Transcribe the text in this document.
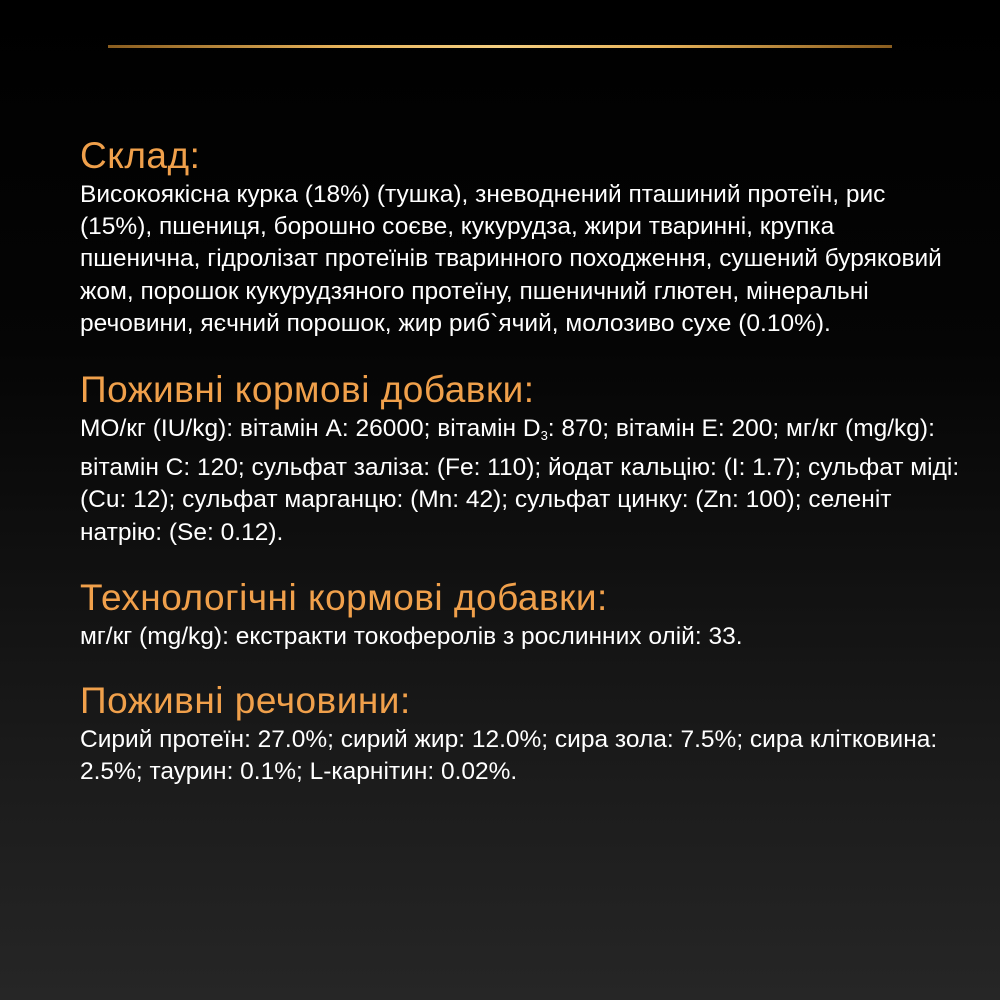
Склад:

Високоякісна курка (18%) (тушка), зневоднений пташиний протеїн, рис (15%), пшениця, борошно соєве, кукурудза, жири тваринні, крупка пшенична, гідролізат протеїнів тваринного походження, сушений буряковий жом, порошок кукурудзяного протеїну, пшеничний глютен, мінеральні речовини, яєчний порошок, жир риб`ячий, молозиво сухе (0.10%).

Поживні кормові добавки:

МО/кг (IU/kg): вітамін А: 26000; вітамін $D_3$: 870; вітамін Е: 200; мг/кг (mg/kg): вітамін С: 120; сульфат заліза: (Fe: 110); йодат кальцію: (I: 1.7); сульфат міді: (Cu: 12); сульфат марганцю: (Mn: 42); сульфат цинку: (Zn: 100); селеніт натрію: (Se: 0.12).

Технологічні кормові добавки:

мг/кг (mg/kg): екстракти токоферолів з рослинних олій: 33.

Поживні речовини:

Сирий протеїн: 27.0%; сирий жир: 12.0%; сира зола: 7.5%; сира клітковина: 2.5%; таурин: 0.1%; L-карнітин: 0.02%.
